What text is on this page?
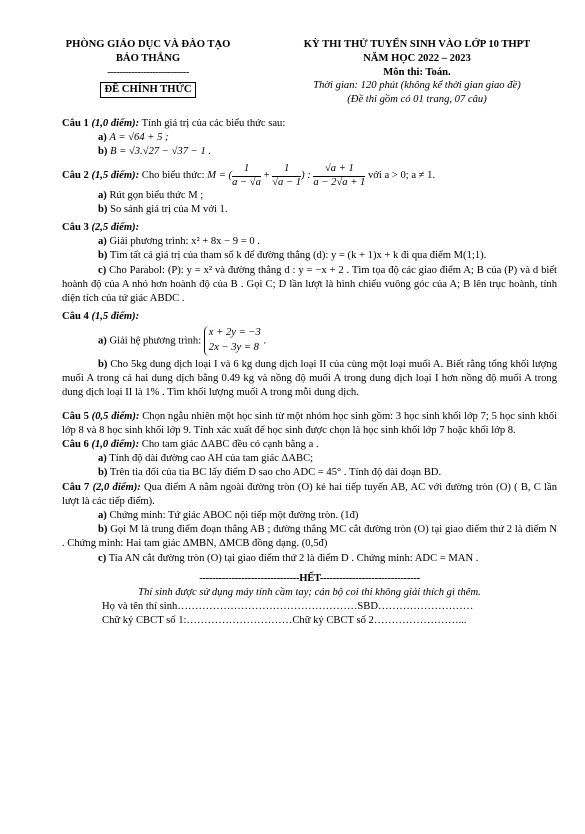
PHÒNG GIÁO DỤC VÀ ĐÀO TẠO
BẢO THẮNG
---------------------------
ĐỀ CHÍNH THỨC
KỲ THI THỬ TUYỂN SINH VÀO LỚP 10 THPT
NĂM HỌC 2022 – 2023
Môn thi: Toán.
Thời gian: 120 phút (không kể thời gian giao đề)
(Đề thi gồm có 01 trang, 07 câu)
Câu 1 (1,0 điểm): Tính giá trị của các biểu thức sau:
a) A = √64 + 5 ;
b) B = √3.√27 − √37 − 1 .
Câu 2 (1,5 điểm): Cho biểu thức: M = ( $\frac{1}{a - √a} + \frac{1}{√a - 1}$ ) : $\frac{√a + 1}{a - 2√a + 1}$ với a > 0; a ≠ 1.
a) Rút gọn biểu thức M ;
b) So sánh giá trị của M với 1.
Câu 3 (2,5 điểm):
a) Giải phương trình: x² + 8x − 9 = 0 .
b) Tìm tất cả giá trị của tham số k để đường thẳng (d): y = (k + 1)x + k đi qua điểm M(1;1).
c) Cho Parabol: (P): y = x² và đường thẳng d : y = −x + 2 . Tìm tọa độ các giao điểm A; B của (P) và d biết hoành độ của A nhỏ hơn hoành độ của B . Gọi C; D lần lượt là hình chiếu vuông góc của A; B lên trục hoành, tính diện tích của tứ giác ABDC .
Câu 4 (1,5 điểm):
a) Giải hệ phương trình:
x + 2y = −3
2x − 3y = 8
.
b) Cho 5kg dung dịch loại I và 6 kg dung dịch loại II của cùng một loại muối A. Biết rằng tổng khối lượng muối A trong cả hai dung dịch bằng 0.49 kg và nồng độ muối A trong dung dịch loại I hơn nồng độ muối A trong dung dịch loại II là 1% . Tìm khối lượng muối A trong mỗi dung dịch.
Câu 5 (0,5 điểm): Chọn ngẫu nhiên một học sinh từ một nhóm học sinh gồm: 3 học sinh khối lớp 7; 5 học sinh khối lớp 8 và 8 học sinh khối lớp 9. Tính xác xuất để học sinh được chọn là học sinh khối lớp 7 hoặc khối lớp 8.
Câu 6 (1,0 điểm): Cho tam giác ΔABC đều có cạnh bằng a .
a) Tính độ dài đường cao AH của tam giác ΔABC;
b) Trên tia đối của tia BC lấy điểm D sao cho ADC = 45° . Tính độ dài đoạn BD.
Câu 7 (2,0 điểm): Qua điểm A nằm ngoài đường tròn (O) kẻ hai tiếp tuyến AB, AC với đường tròn (O) ( B, C lần lượt là các tiếp điểm).
a) Chứng minh: Tứ giác ABOC nội tiếp một đường tròn. (1đ)
b) Gọi M là trung điểm đoạn thẳng AB ; đường thẳng MC cắt đường tròn (O) tại giao điểm thứ 2 là điểm N . Chứng minh: Hai tam giác ΔMBN, ΔMCB đồng dạng. (0,5đ)
c) Tia AN cắt đường tròn (O) tại giao điểm thứ 2 là điểm D . Chứng minh: ADC = MAN .
-------------------------------HẾT-------------------------------
Thí sinh được sử dụng máy tính cầm tay; cán bộ coi thi không giải thích gì thêm.
Họ và tên thí sinh……………………………………………SBD………………………
Chữ ký CBCT số 1:…………………………Chữ ký CBCT số 2……………………...
